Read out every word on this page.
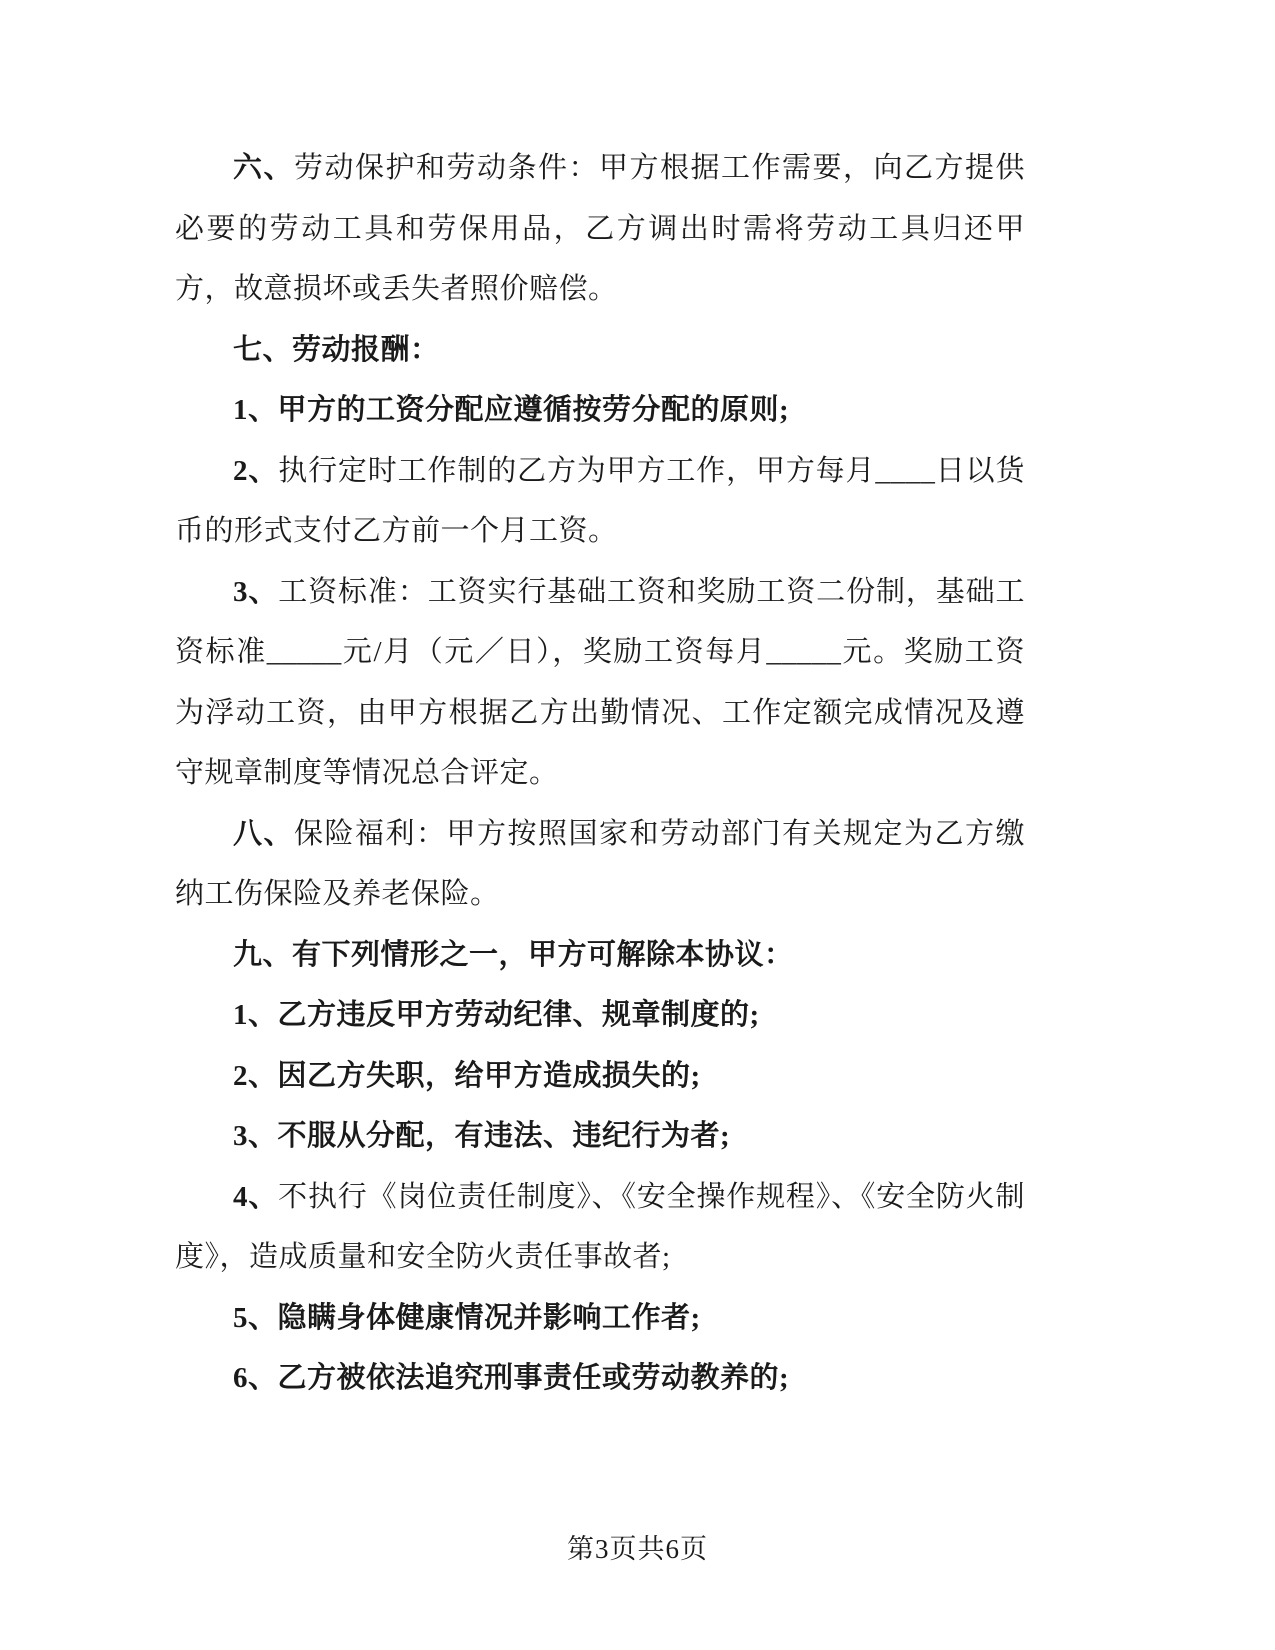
六、劳动保护和劳动条件：甲方根据工作需要，向乙方提供必要的劳动工具和劳保用品，乙方调出时需将劳动工具归还甲方，故意损坏或丢失者照价赔偿。

七、劳动报酬：

1、甲方的工资分配应遵循按劳分配的原则;

2、执行定时工作制的乙方为甲方工作，甲方每月____日以货币的形式支付乙方前一个月工资。

3、工资标准：工资实行基础工资和奖励工资二份制，基础工资标准_____元/月（元／日），奖励工资每月_____元。奖励工资为浮动工资，由甲方根据乙方出勤情况、工作定额完成情况及遵守规章制度等情况总合评定。

八、保险福利：甲方按照国家和劳动部门有关规定为乙方缴纳工伤保险及养老保险。

九、有下列情形之一，甲方可解除本协议：

1、乙方违反甲方劳动纪律、规章制度的;

2、因乙方失职，给甲方造成损失的;

3、不服从分配，有违法、违纪行为者;

4、不执行《岗位责任制度》、《安全操作规程》、《安全防火制度》，造成质量和安全防火责任事故者;

5、隐瞒身体健康情况并影响工作者;

6、乙方被依法追究刑事责任或劳动教养的;

第3页共6页
